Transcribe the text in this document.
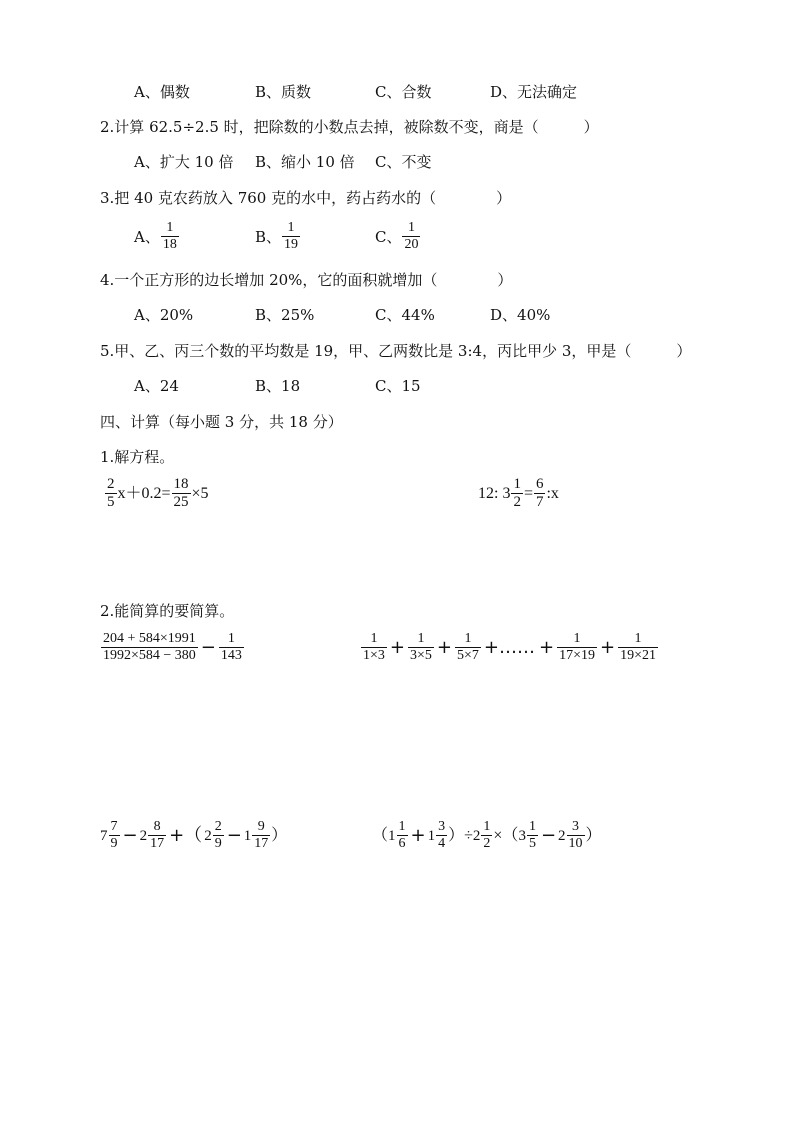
A、偶数	B、质数	C、合数	D、无法确定
2.计算 62.5÷2.5 时，把除数的小数点去掉，被除数不变，商是（　　　）
A、扩大 10 倍 B、缩小 10 倍 C、不变
3.把 40 克农药放入 760 克的水中，药占药水的（　　　　）
A、 $\frac{1}{18}$	B、 $\frac{1}{19}$	C、 $\frac{1}{20}$
4.一个正方形的边长增加 20%，它的面积就增加（　　　　）
A、20%	B、25%	C、44%	D、40%
5.甲、乙、丙三个数的平均数是 19，甲、乙两数比是 3:4，丙比甲少 3，甲是（　　　）
A、24	B、18	C、15
四、计算（每小题 3 分，共 18 分）
1.解方程。
$\frac{2}{5} x+0.2= \frac{18}{25} \times 5$	12: $3 \frac{1}{2} = \frac{6}{7}$ :x
2.能简算的要简算。
$\frac{204 + 584\times 1991}{1992\times 584 - 380} - \frac{1}{143}$	$\frac{1}{1\times 3} + \frac{1}{3\times 5} + \frac{1}{5\times 7}$ +…… + $\frac{1}{17\times 19} + \frac{1}{19\times 21}$
$7 \frac{7}{9} - 2 \frac{8}{17}$ +（ $2 \frac{2}{9} - 1 \frac{9}{17}$ ）	（ $1 \frac{1}{6} + 1 \frac{3}{4}$ ）÷ $2 \frac{1}{2}$ ×（ $3 \frac{1}{5} - 2 \frac{3}{10}$ ）
